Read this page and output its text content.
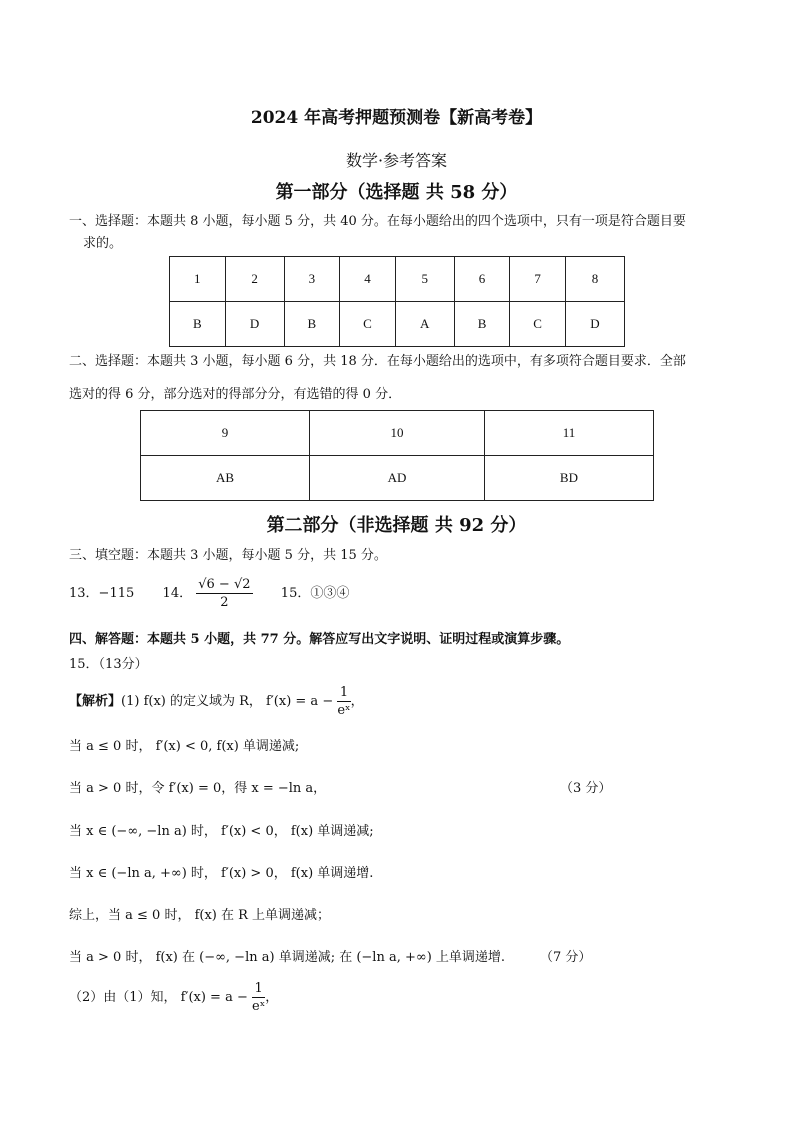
2024 年高考押题预测卷【新高考卷】
数学·参考答案
第一部分（选择题 共 58 分）
一、选择题：本题共 8 小题，每小题 5 分，共 40 分。在每小题给出的四个选项中，只有一项是符合题目要
求的。
1	2	3	4	5	6	7	8
B	D	B	C	A	B	C	D
二、选择题：本题共 3 小题，每小题 6 分，共 18 分．在每小题给出的选项中，有多项符合题目要求．全部
选对的得 6 分，部分选对的得部分分，有选错的得 0 分．
9	10	11
AB	AD	BD
第二部分（非选择题 共 92 分）
三、填空题：本题共 3 小题，每小题 5 分，共 15 分。
13．−115 14． $\frac{√6 - √2}{2} 15$．①③④
四、解答题：本题共 5 小题，共 77 分。解答应写出文字说明、证明过程或演算步骤。
15．（13分）
【解析】(1) f(x) 的定义域为 R， $f'(x) = a - \frac{1}{\text{eˣ}}$ ，
当 a ≤ 0 时， f′(x) < 0, f(x) 单调递减;
当 a > 0 时，令 f′(x) = 0，得 x = −ln a，	（3 分）
当 x ∈ (−∞, −ln a) 时， f′(x) < 0， f(x) 单调递减;
当 x ∈ (−ln a, +∞) 时， f′(x) > 0， f(x) 单调递增.
综上，当 a ≤ 0 时， f(x) 在 R 上单调递减；
当 a > 0 时， f(x) 在 (−∞, −ln a) 单调递减; 在 (−ln a, +∞) 上单调递增.	（7 分）
（2）由（1）知， $f'(x) = a - \frac{1}{\text{eˣ}}$ ，
